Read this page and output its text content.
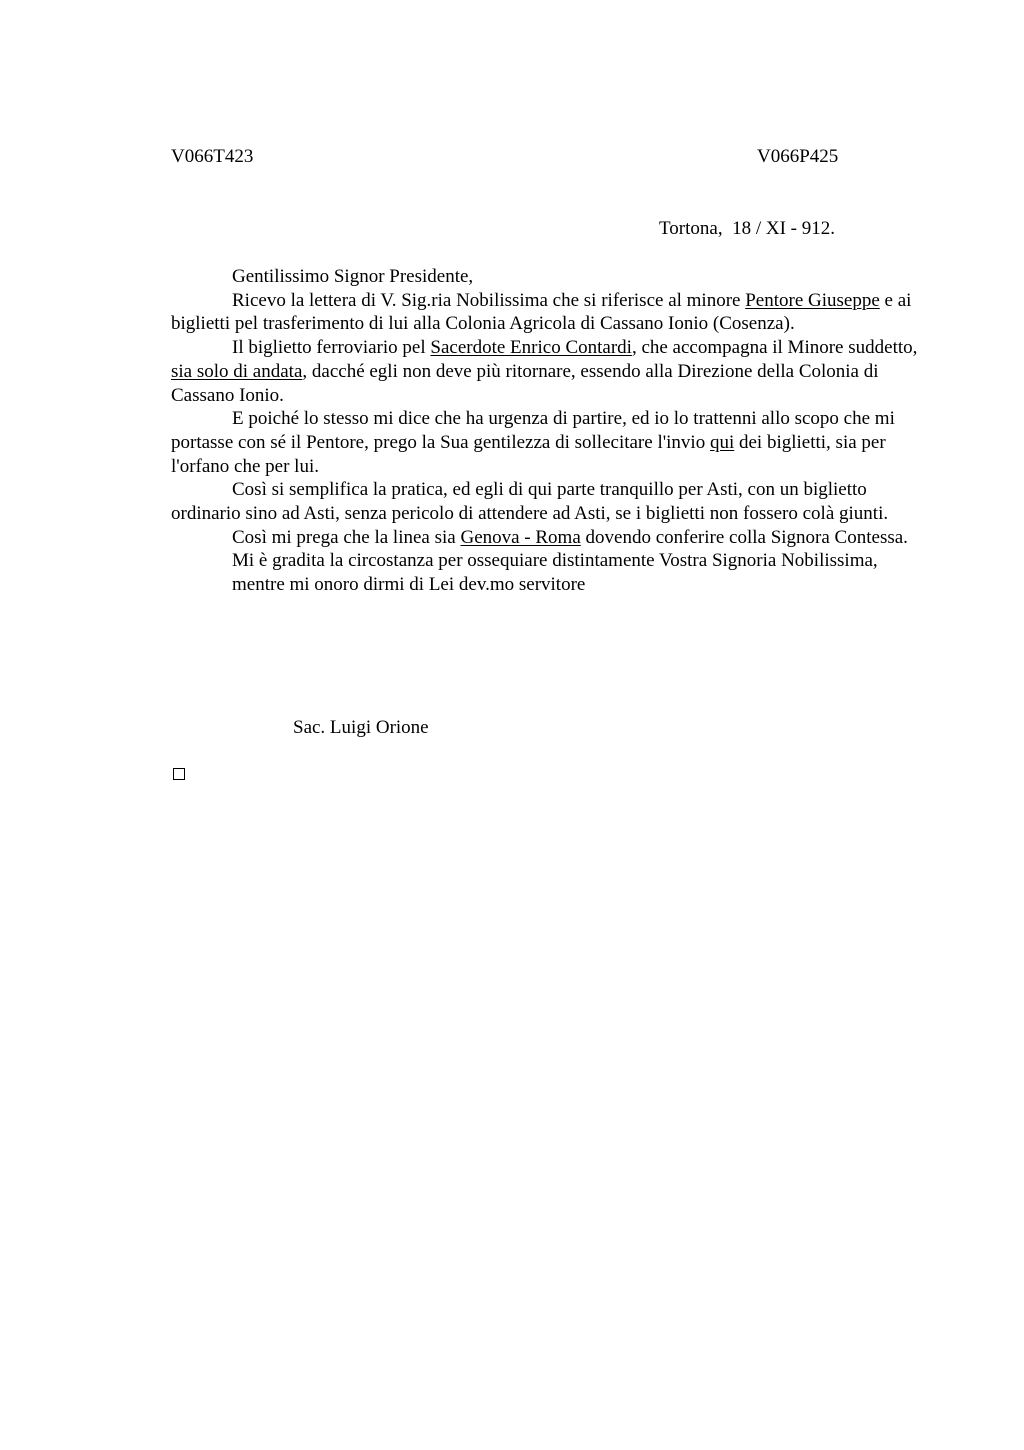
V066T423	V066P425
Tortona,  18 / XI - 912.

Gentilissimo Signor Presidente,

Ricevo la lettera di V. Sig.ria Nobilissima che si riferisce al minore Pentore Giuseppe e ai biglietti pel trasferimento di lui alla Colonia Agricola di Cassano Ionio (Cosenza).

Il biglietto ferroviario pel Sacerdote Enrico Contardi, che accompagna il Minore suddetto, sia solo di andata, dacché egli non deve più ritornare, essendo alla Direzione della Colonia di Cassano Ionio.

E poiché lo stesso mi dice che ha urgenza di partire, ed io lo trattenni allo scopo che mi portasse con sé il Pentore, prego la Sua gentilezza di sollecitare l'invio qui dei biglietti, sia per l'orfano che per lui.

Così si semplifica la pratica, ed egli di qui parte tranquillo per Asti, con un biglietto ordinario sino ad Asti, senza pericolo di attendere ad Asti, se i biglietti non fossero colà giunti.

Così mi prega che la linea sia Genova - Roma dovendo conferire colla Signora Contessa.

Mi è gradita la circostanza per ossequiare distintamente Vostra Signoria Nobilissima,

mentre mi onoro dirmi di Lei dev.mo servitore

Sac. Luigi Orione
